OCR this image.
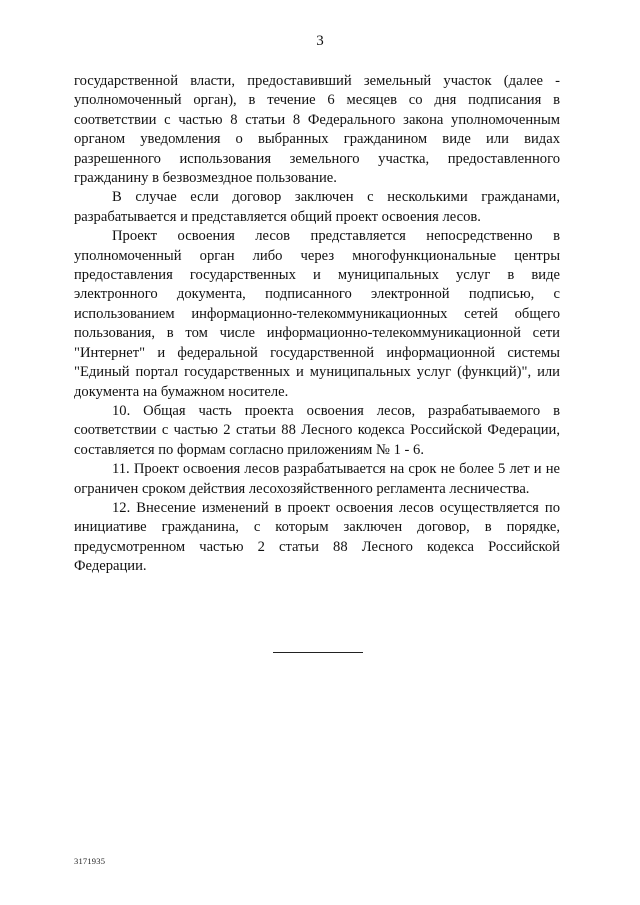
3

государственной власти, предоставивший земельный участок (далее - уполномоченный орган), в течение 6 месяцев со дня подписания в соответствии с частью 8 статьи 8 Федерального закона уполномоченным органом уведомления о выбранных гражданином виде или видах разрешенного использования земельного участка, предоставленного гражданину в безвозмездное пользование.

В случае если договор заключен с несколькими гражданами, разрабатывается и представляется общий проект освоения лесов.

Проект освоения лесов представляется непосредственно в уполномоченный орган либо через многофункциональные центры предоставления государственных и муниципальных услуг в виде электронного документа, подписанного электронной подписью, с использованием информационно-телекоммуникационных сетей общего пользования, в том числе информационно-телекоммуникационной сети "Интернет" и федеральной государственной информационной системы "Единый портал государственных и муниципальных услуг (функций)", или документа на бумажном носителе.

10. Общая часть проекта освоения лесов, разрабатываемого в соответствии с частью 2 статьи 88 Лесного кодекса Российской Федерации, составляется по формам согласно приложениям № 1 - 6.

11. Проект освоения лесов разрабатывается на срок не более 5 лет и не ограничен сроком действия лесохозяйственного регламента лесничества.

12. Внесение изменений в проект освоения лесов осуществляется по инициативе гражданина, с которым заключен договор, в порядке, предусмотренном частью 2 статьи 88 Лесного кодекса Российской Федерации.

3171935
